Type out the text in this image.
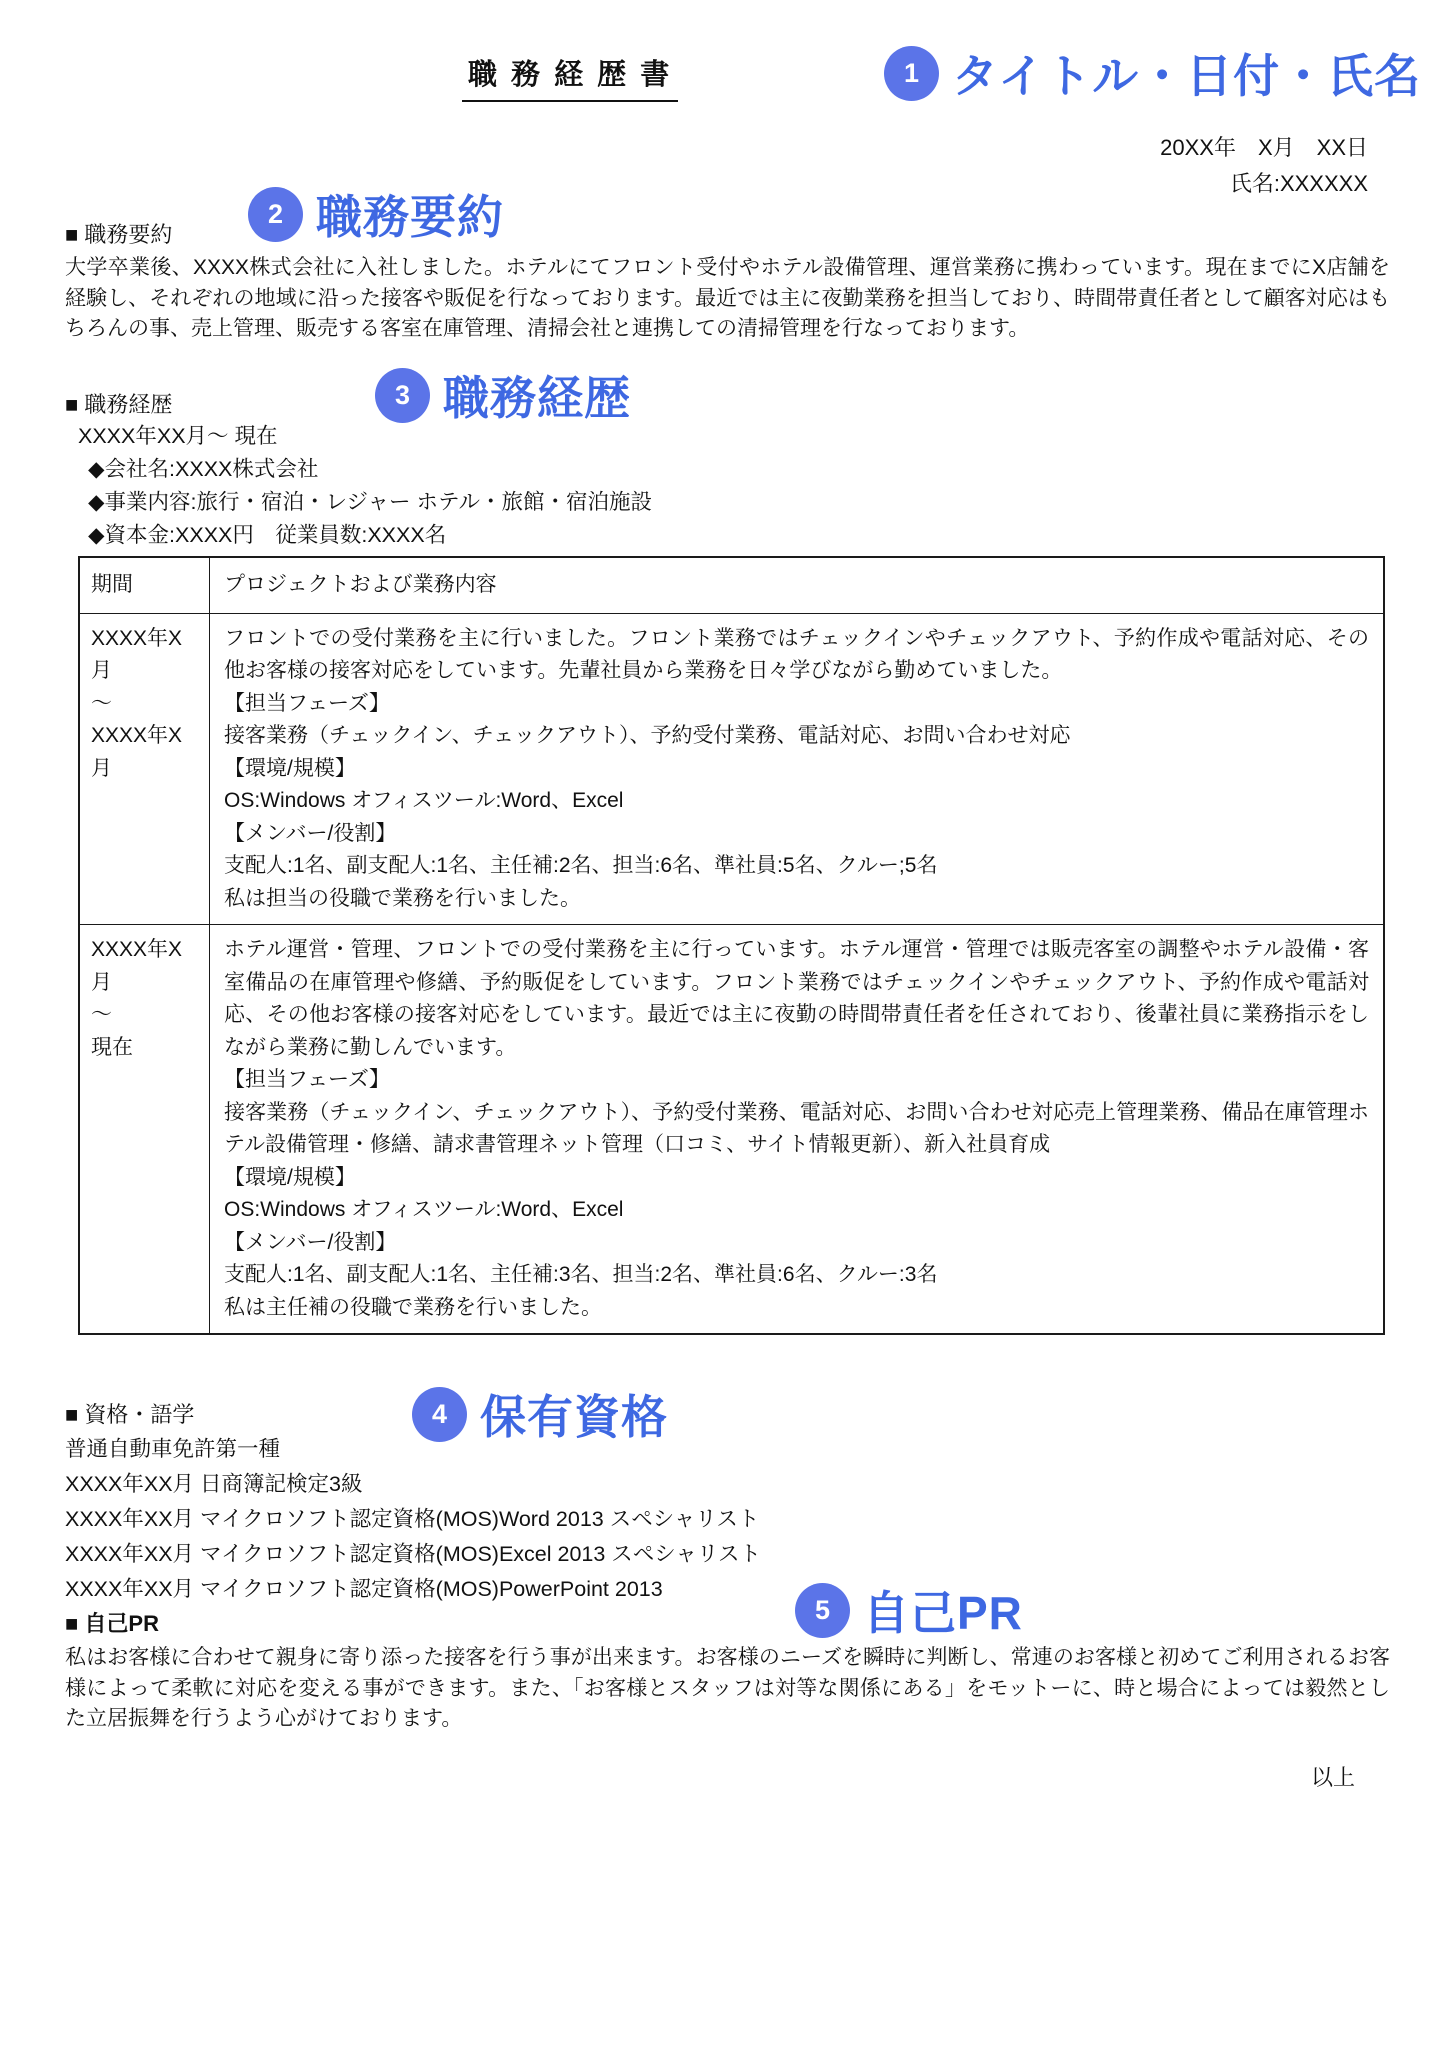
職 務 経 歴 書
20XX年　X月　XX日
氏名:XXXXXX
1 タイトル・日付・氏名
2 職務要約
3 職務経歴
4 保有資格
5 自己PR
■ 職務要約
大学卒業後、XXXX株式会社に入社しました。ホテルにてフロント受付やホテル設備管理、運営業務に携わっています。現在までにX店舗を経験し、それぞれの地域に沿った接客や販促を行なっております。最近では主に夜勤業務を担当しており、時間帯責任者として顧客対応はもちろんの事、売上管理、販売する客室在庫管理、清掃会社と連携しての清掃管理を行なっております。
■ 職務経歴
XXXX年XX月～ 現在
◆会社名:XXXX株式会社
◆事業内容:旅行・宿泊・レジャー ホテル・旅館・宿泊施設
◆資本金:XXXX円　従業員数:XXXX名
期間	プロジェクトおよび業務内容
XXXX年X月
～
XXXX年X月
フロントでの受付業務を主に行いました。フロント業務ではチェックインやチェックアウト、予約作成や電話対応、その他お客様の接客対応をしています。先輩社員から業務を日々学びながら勤めていました。
【担当フェーズ】
接客業務（チェックイン、チェックアウト）、予約受付業務、電話対応、お問い合わせ対応
【環境/規模】
OS:Windows オフィスツール:Word、Excel
【メンバー/役割】
支配人:1名、副支配人:1名、主任補:2名、担当:6名、準社員:5名、クルー;5名
私は担当の役職で業務を行いました。
XXXX年X月
～
現在
ホテル運営・管理、フロントでの受付業務を主に行っています。ホテル運営・管理では販売客室の調整やホテル設備・客室備品の在庫管理や修繕、予約販促をしています。フロント業務ではチェックインやチェックアウト、予約作成や電話対応、その他お客様の接客対応をしています。最近では主に夜勤の時間帯責任者を任されており、後輩社員に業務指示をしながら業務に勤しんでいます。
【担当フェーズ】
接客業務（チェックイン、チェックアウト）、予約受付業務、電話対応、お問い合わせ対応売上管理業務、備品在庫管理ホテル設備管理・修繕、請求書管理ネット管理（口コミ、サイト情報更新）、新入社員育成
【環境/規模】
OS:Windows オフィスツール:Word、Excel
【メンバー/役割】
支配人:1名、副支配人:1名、主任補:3名、担当:2名、準社員:6名、クルー:3名
私は主任補の役職で業務を行いました。
■ 資格・語学
普通自動車免許第一種
XXXX年XX月 日商簿記検定3級
XXXX年XX月 マイクロソフト認定資格(MOS)Word 2013 スペシャリスト
XXXX年XX月 マイクロソフト認定資格(MOS)Excel 2013 スペシャリスト
XXXX年XX月 マイクロソフト認定資格(MOS)PowerPoint 2013
■ 自己PR
私はお客様に合わせて親身に寄り添った接客を行う事が出来ます。お客様のニーズを瞬時に判断し、常連のお客様と初めてご利用されるお客様によって柔軟に対応を変える事ができます。また、「お客様とスタッフは対等な関係にある」をモットーに、時と場合によっては毅然とした立居振舞を行うよう心がけております。
以上
